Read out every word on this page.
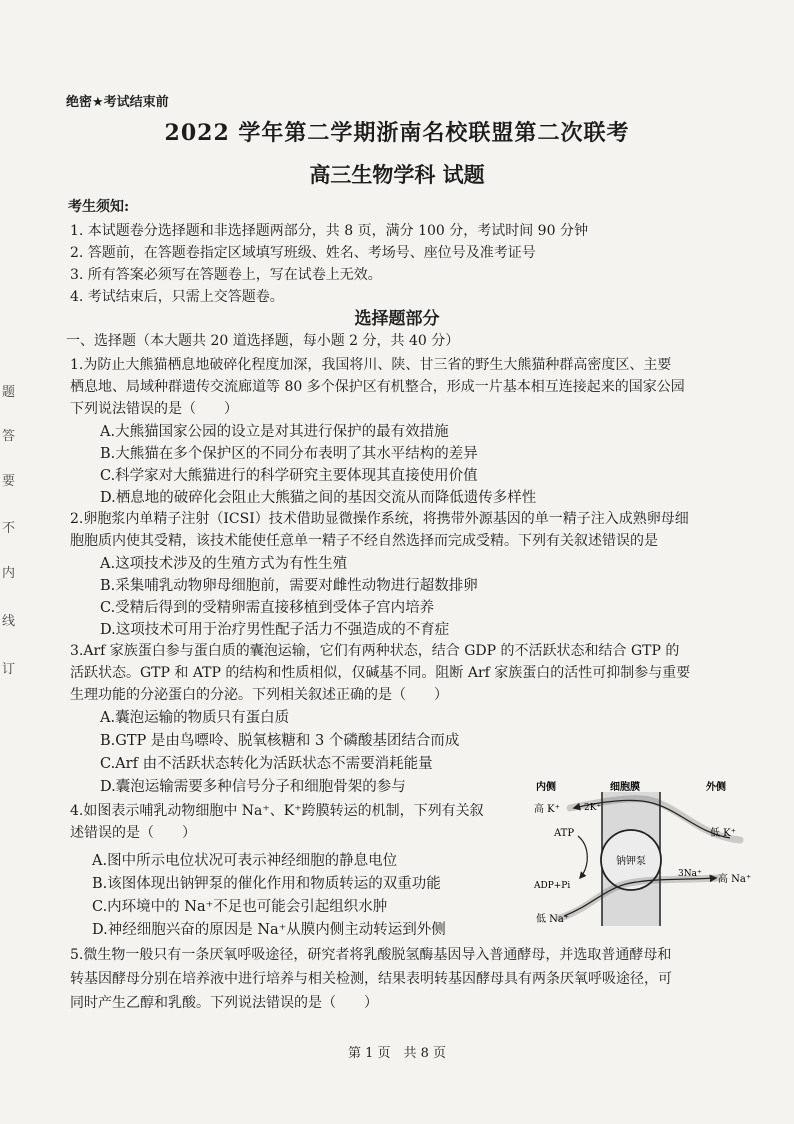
题
答
要
不
内
线
订
绝密★考试结束前
2022 学年第二学期浙南名校联盟第二次联考
高三生物学科 试题
考生须知:
1. 本试题卷分选择题和非选择题两部分，共 8 页，满分 100 分，考试时间 90 分钟
2. 答题前，在答题卷指定区域填写班级、姓名、考场号、座位号及准考证号
3. 所有答案必须写在答题卷上，写在试卷上无效。
4. 考试结束后，只需上交答题卷。
选择题部分
一、选择题（本大题共 20 道选择题，每小题 2 分，共 40 分）
1.为防止大熊猫栖息地破碎化程度加深，我国将川、陕、甘三省的野生大熊猫种群高密度区、主要
栖息地、局域种群遗传交流廊道等 80 多个保护区有机整合，形成一片基本相互连接起来的国家公园
下列说法错误的是（　　）
A.大熊猫国家公园的设立是对其进行保护的最有效措施
B.大熊猫在多个保护区的不同分布表明了其水平结构的差异
C.科学家对大熊猫进行的科学研究主要体现其直接使用价值
D.栖息地的破碎化会阻止大熊猫之间的基因交流从而降低遗传多样性
2.卵胞浆内单精子注射（ICSI）技术借助显微操作系统，将携带外源基因的单一精子注入成熟卵母细
胞胞质内使其受精，该技术能使任意单一精子不经自然选择而完成受精。下列有关叙述错误的是
A.这项技术涉及的生殖方式为有性生殖
B.采集哺乳动物卵母细胞前，需要对雌性动物进行超数排卵
C.受精后得到的受精卵需直接移植到受体子宫内培养
D.这项技术可用于治疗男性配子活力不强造成的不育症
3.Arf 家族蛋白参与蛋白质的囊泡运输，它们有两种状态，结合 GDP 的不活跃状态和结合 GTP 的
活跃状态。GTP 和 ATP 的结构和性质相似，仅碱基不同。阻断 Arf 家族蛋白的活性可抑制参与重要
生理功能的分泌蛋白的分泌。下列相关叙述正确的是（　　）
A.囊泡运输的物质只有蛋白质
B.GTP 是由鸟嘌呤、脱氧核糖和 3 个磷酸基团结合而成
C.Arf 由不活跃状态转化为活跃状态不需要消耗能量
D.囊泡运输需要多种信号分子和细胞骨架的参与
4.如图表示哺乳动物细胞中 Na⁺、K⁺跨膜转运的机制，下列有关叙
述错误的是（　　）
A.图中所示电位状况可表示神经细胞的静息电位
B.该图体现出钠钾泵的催化作用和物质转运的双重功能
C.内环境中的 Na⁺不足也可能会引起组织水肿
D.神经细胞兴奋的原因是 Na⁺从膜内侧主动转运到外侧
5.微生物一般只有一条厌氧呼吸途径，研究者将乳酸脱氢酶基因导入普通酵母，并选取普通酵母和
转基因酵母分别在培养液中进行培养与相关检测，结果表明转基因酵母具有两条厌氧呼吸途径，可
同时产生乙醇和乳酸。下列说法错误的是（　　）
内侧	细胞膜	外侧
高 K⁺	2K⁺
ATP	低 K⁺
钠钾泵
ADP+Pi
3Na⁺ 高 Na⁺
低 Na⁺
第 1 页　共 8 页
